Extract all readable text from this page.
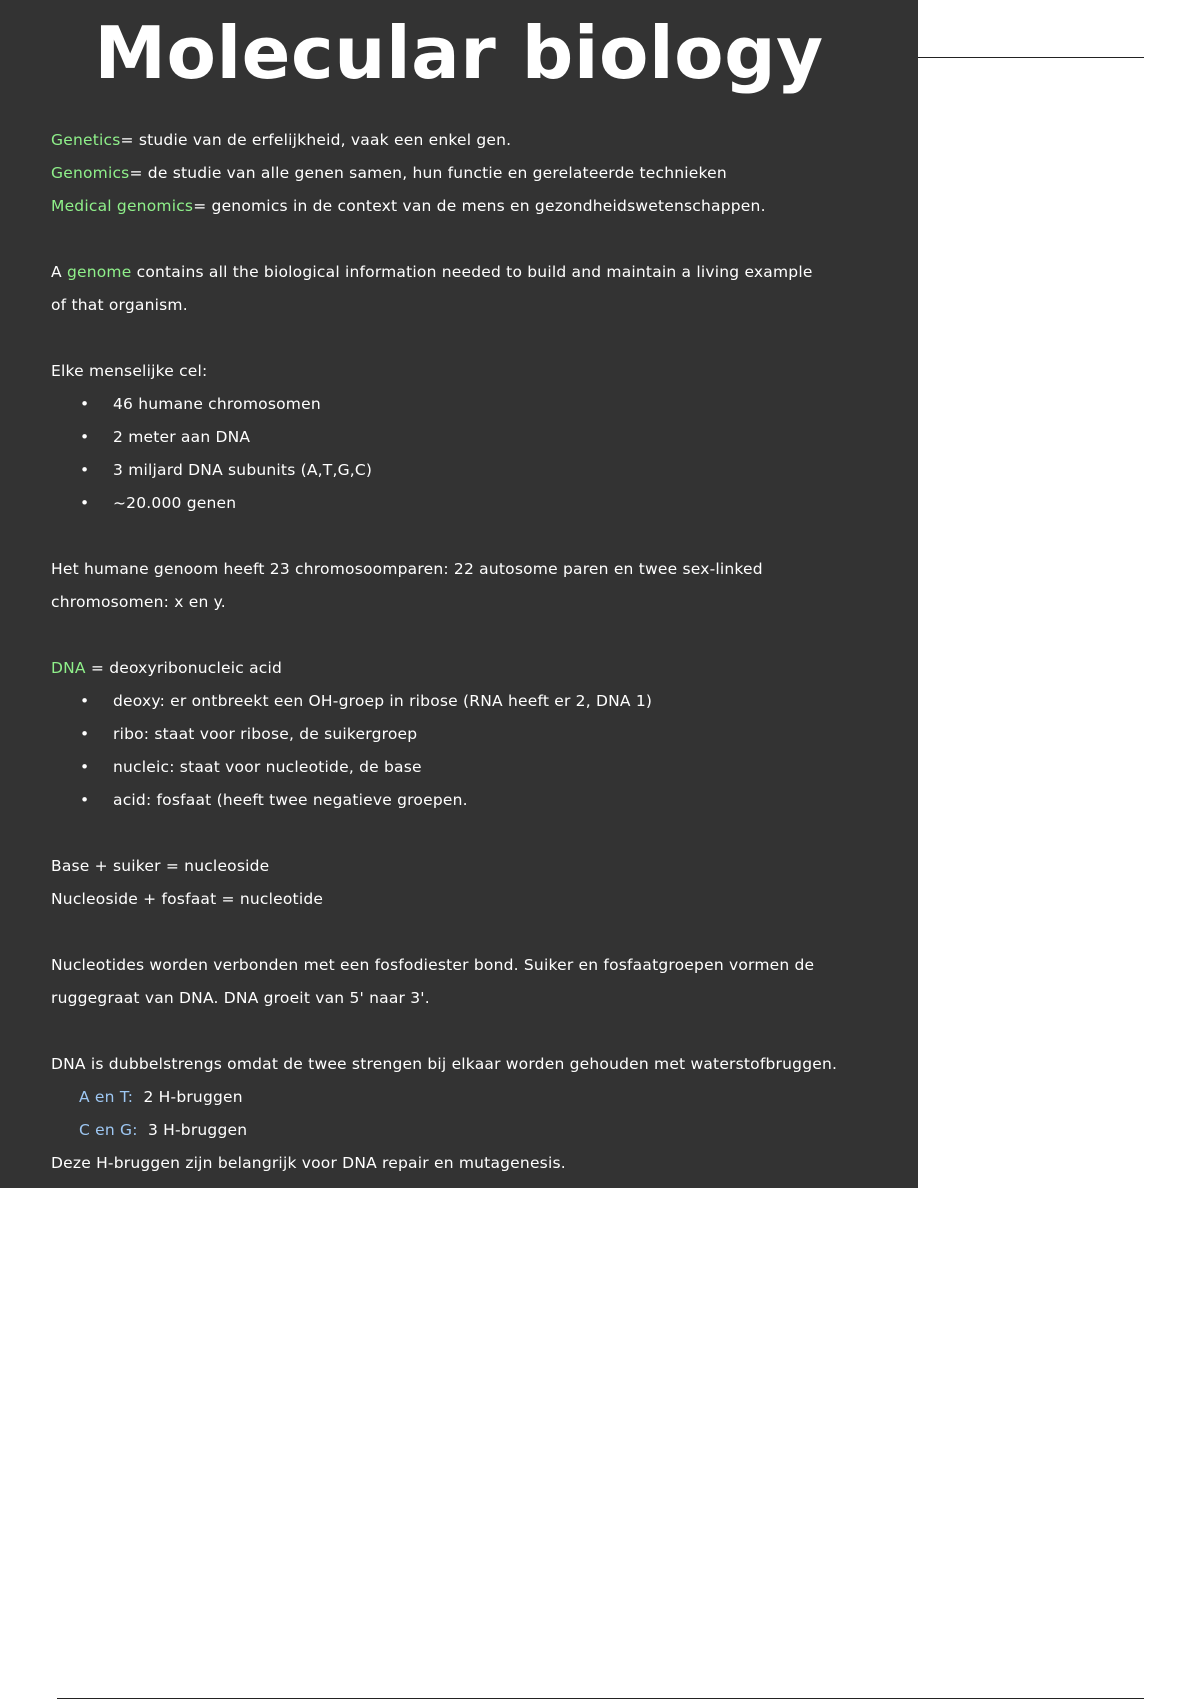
Molecular biology
Genetics= studie van de erfelijkheid, vaak een enkel gen.
Genomics= de studie van alle genen samen, hun functie en gerelateerde technieken
Medical genomics= genomics in de context van de mens en gezondheidswetenschappen.
A genome contains all the biological information needed to build and maintain a living example
of that organism.
Elke menselijke cel:
• 46 humane chromosomen
• 2 meter aan DNA
• 3 miljard DNA subunits (A,T,G,C)
• ~20.000 genen
Het humane genoom heeft 23 chromosoomparen: 22 autosome paren en twee sex-linked
chromosomen: x en y.
DNA = deoxyribonucleic acid
• deoxy: er ontbreekt een OH-groep in ribose (RNA heeft er 2, DNA 1)
• ribo: staat voor ribose, de suikergroep
• nucleic: staat voor nucleotide, de base
• acid: fosfaat (heeft twee negatieve groepen.
Base + suiker = nucleoside
Nucleoside + fosfaat = nucleotide
Nucleotides worden verbonden met een fosfodiester bond. Suiker en fosfaatgroepen vormen de
ruggegraat van DNA. DNA groeit van 5' naar 3'.
DNA is dubbelstrengs omdat de twee strengen bij elkaar worden gehouden met waterstofbruggen.
A en T: 2 H-bruggen
C en G: 3 H-bruggen
Deze H-bruggen zijn belangrijk voor DNA repair en mutagenesis.
